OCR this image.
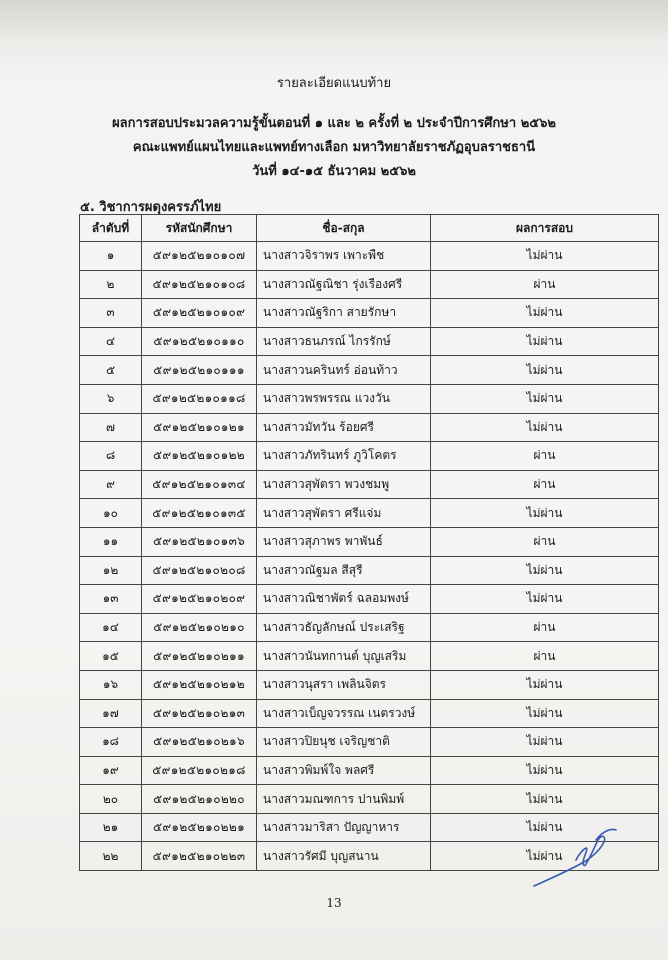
รายละเอียดแนบท้าย
ผลการสอบประมวลความรู้ขั้นตอนที่ ๑ และ ๒ ครั้งที่ ๒ ประจำปีการศึกษา ๒๕๖๒
คณะแพทย์แผนไทยและแพทย์ทางเลือก มหาวิทยาลัยราชภัฏอุบลราชธานี
วันที่ ๑๔-๑๕ ธันวาคม ๒๕๖๒
๕. วิชาการผดุงครรภ์ไทย
ลำดับที่	รหัสนักศึกษา	ชื่อ-สกุล	ผลการสอบ
๑	๕๙๑๒๕๒๑๐๑๐๗	นางสาวจิราพร เพาะพืช	ไม่ผ่าน
๒	๕๙๑๒๕๒๑๐๑๐๘	นางสาวณัฐณิชา รุ่งเรืองศรี	ผ่าน
๓	๕๙๑๒๕๒๑๐๑๐๙	นางสาวณัฐริกา สายรักษา	ไม่ผ่าน
๔	๕๙๑๒๕๒๑๐๑๑๐	นางสาวธนภรณ์ ไกรรักษ์	ไม่ผ่าน
๕	๕๙๑๒๕๒๑๐๑๑๑	นางสาวนครินทร์ อ่อนท้าว	ไม่ผ่าน
๖	๕๙๑๒๕๒๑๐๑๑๘	นางสาวพรพรรณ แวงวัน	ไม่ผ่าน
๗	๕๙๑๒๕๒๑๐๑๒๑	นางสาวมัทวัน ร้อยศรี	ไม่ผ่าน
๘	๕๙๑๒๕๒๑๐๑๒๒	นางสาวภัทรินทร์ ภูวิโคตร	ผ่าน
๙	๕๙๑๒๕๒๑๐๑๓๔	นางสาวสุพัตรา พวงชมพู	ผ่าน
๑๐	๕๙๑๒๕๒๑๐๑๓๕	นางสาวสุพัตรา ศรีแจ่ม	ไม่ผ่าน
๑๑	๕๙๑๒๕๒๑๐๑๓๖	นางสาวสุภาพร พาพันธ์	ผ่าน
๑๒	๕๙๑๒๕๒๑๐๒๐๘	นางสาวณัฐมล สีสุรี	ไม่ผ่าน
๑๓	๕๙๑๒๕๒๑๐๒๐๙	นางสาวณิชาพัตร์ ฉลอมพงษ์	ไม่ผ่าน
๑๔	๕๙๑๒๕๒๑๐๒๑๐	นางสาวธัญลักษณ์ ประเสริฐ	ผ่าน
๑๕	๕๙๑๒๕๒๑๐๒๑๑	นางสาวนันทกานต์ บุญเสริม	ผ่าน
๑๖	๕๙๑๒๕๒๑๐๒๑๒	นางสาวนุสรา เพลินจิตร	ไม่ผ่าน
๑๗	๕๙๑๒๕๒๑๐๒๑๓	นางสาวเบ็ญจวรรณ เนตรวงษ์	ไม่ผ่าน
๑๘	๕๙๑๒๕๒๑๐๒๑๖	นางสาวปิยนุช เจริญชาติ	ไม่ผ่าน
๑๙	๕๙๑๒๕๒๑๐๒๑๘	นางสาวพิมพ์ใจ พลศรี	ไม่ผ่าน
๒๐	๕๙๑๒๕๒๑๐๒๒๐	นางสาวมณฑการ ปานพิมพ์	ไม่ผ่าน
๒๑	๕๙๑๒๕๒๑๐๒๒๑	นางสาวมาริสา ปัญญาหาร	ไม่ผ่าน
๒๒	๕๙๑๒๕๒๑๐๒๒๓	นางสาวรัศมี บุญสนาน	ไม่ผ่าน
13
